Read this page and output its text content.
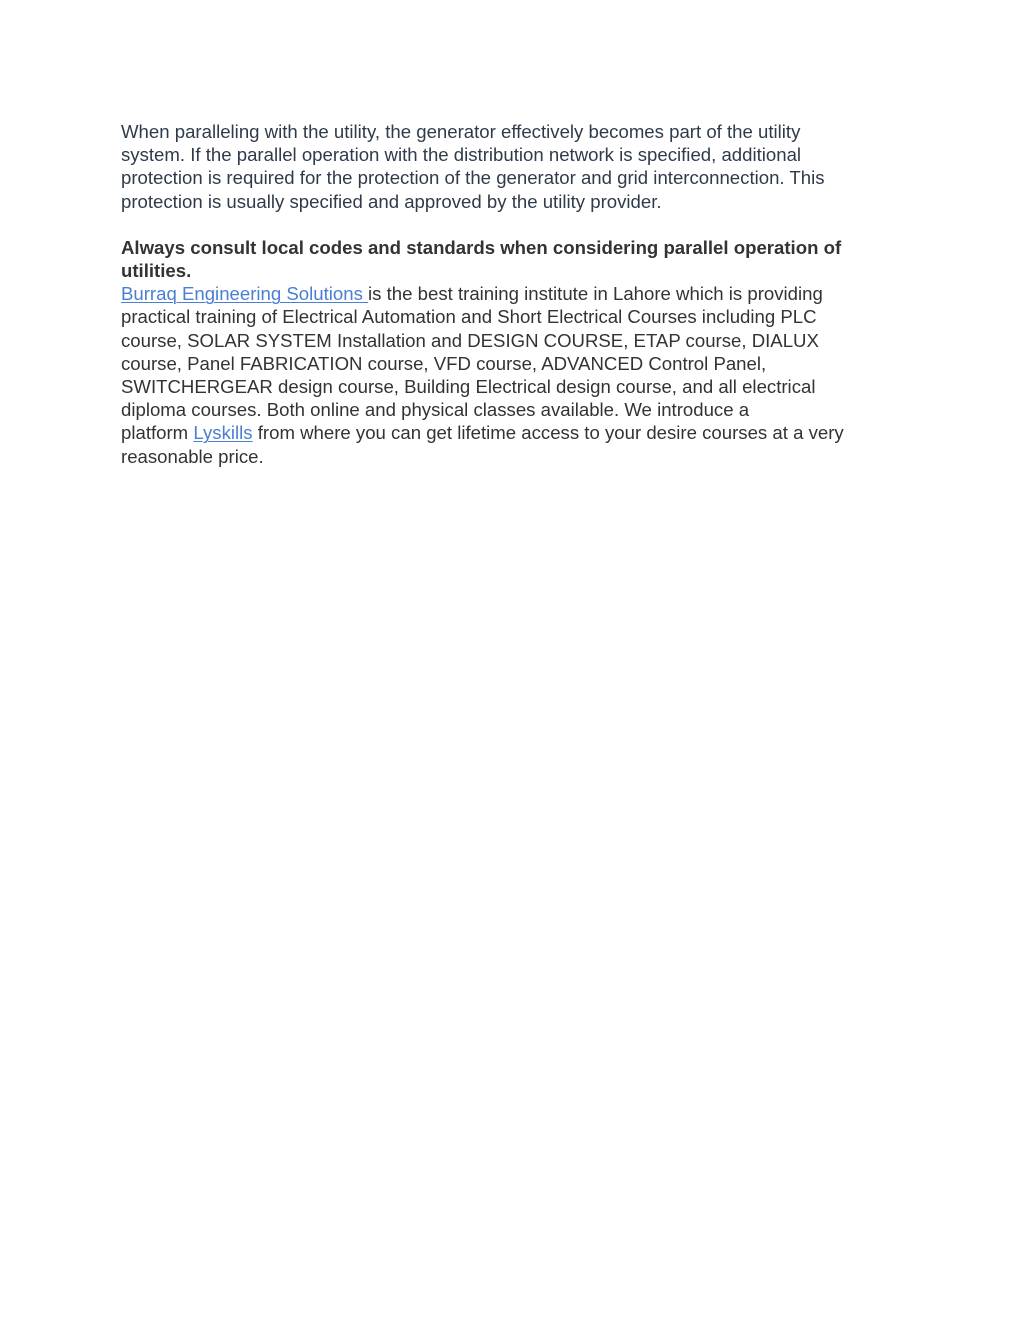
When paralleling with the utility, the generator effectively becomes part of the utility
system. If the parallel operation with the distribution network is specified, additional
protection is required for the protection of the generator and grid interconnection. This
protection is usually specified and approved by the utility provider.

Always consult local codes and standards when considering parallel operation of
utilities.

Burraq Engineering Solutions is the best training institute in Lahore which is providing
practical training of Electrical Automation and Short Electrical Courses including PLC
course, SOLAR SYSTEM Installation and DESIGN COURSE, ETAP course, DIALUX
course, Panel FABRICATION course, VFD course, ADVANCED Control Panel,
SWITCHERGEAR design course, Building Electrical design course, and all electrical
diploma courses. Both online and physical classes available. We introduce a
platform Lyskills from where you can get lifetime access to your desire courses at a very
reasonable price.
